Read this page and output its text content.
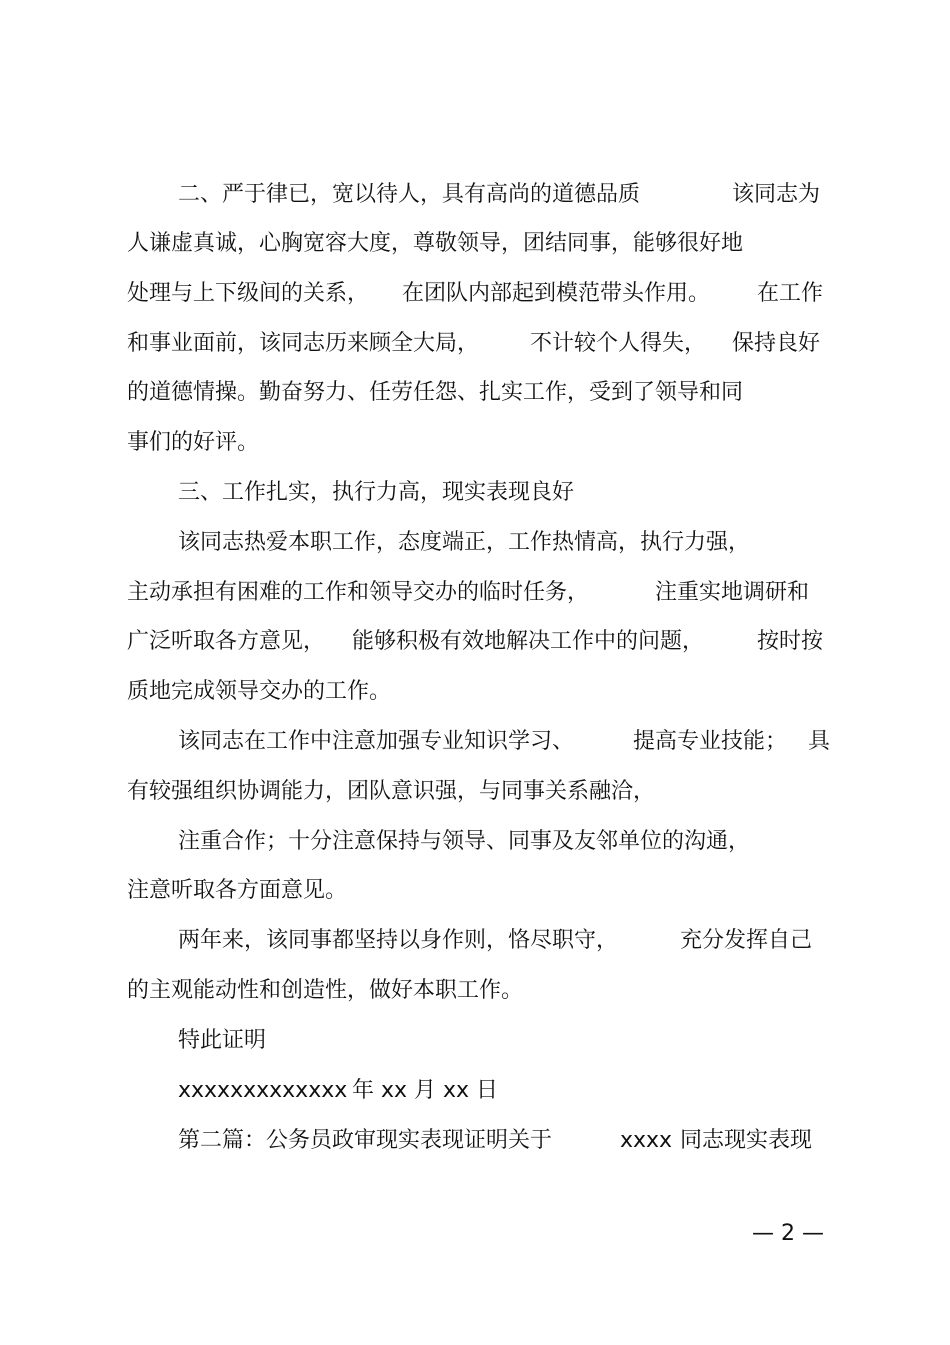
二、严于律已，宽以待人，具有高尚的道德品质	该同志为
人谦虚真诚，心胸宽容大度，尊敬领导，团结同事，能够很好地
处理与上下级间的关系， 在团队内部起到模范带头作用。 在工作
和事业面前，该同志历来顾全大局， 不计较个人得失， 保持良好
的道德情操。勤奋努力、任劳任怨、扎实工作，受到了领导和同
事们的好评。
三、工作扎实，执行力高，现实表现良好
该同志热爱本职工作，态度端正，工作热情高，执行力强，
主动承担有困难的工作和领导交办的临时任务，	注重实地调研和
广泛听取各方意见， 能够积极有效地解决工作中的问题， 按时按
质地完成领导交办的工作。
该同志在工作中注意加强专业知识学习、	提高专业技能； 具
有较强组织协调能力，团队意识强，与同事关系融洽，
注重合作；十分注意保持与领导、同事及友邻单位的沟通，
注意听取各方面意见。
两年来，该同事都坚持以身作则，恪尽职守，	充分发挥自己
的主观能动性和创造性，做好本职工作。
特此证明
xxxxxxxxxxxxx 年 xx 月 xx 日
第二篇：公务员政审现实表现证明关于	xxxx 同志现实表现
— 2 —
